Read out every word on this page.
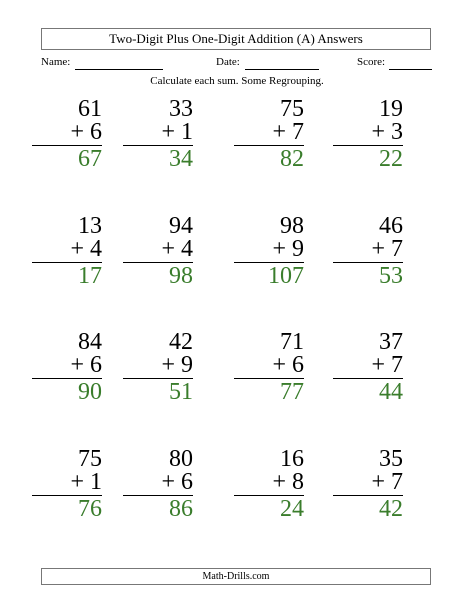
Two-Digit Plus One-Digit Addition (A) Answers
Name:	Date:	Score:
Calculate each sum. Some Regrouping.
61
+ 6
67
33
+ 1
34
75
+ 7
82
19
+ 3
22
13
+ 4
17
94
+ 4
98
98
+ 9
107
46
+ 7
53
84
+ 6
90
42
+ 9
51
71
+ 6
77
37
+ 7
44
75
+ 1
76
80
+ 6
86
16
+ 8
24
35
+ 7
42
Math-Drills.com
